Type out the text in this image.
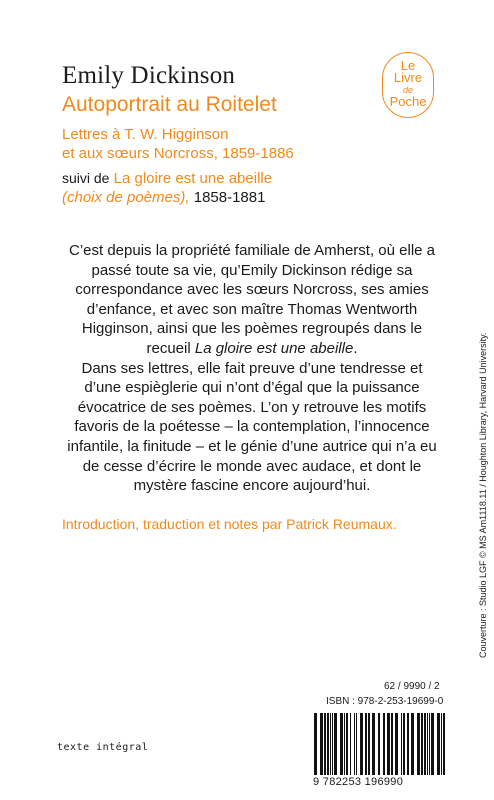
Emily Dickinson
Autoportrait au Roitelet
Lettres à T. W. Higginson
et aux sœurs Norcross, 1859-1886
suivi de La gloire est une abeille
(choix de poèmes), 1858-1881
Le
Livre
de
Poche

C’est depuis la propriété familiale de Amherst, où elle a passé toute sa vie, qu’Emily Dickinson rédige sa correspondance avec les sœurs Norcross, ses amies d’enfance, et avec son maître Thomas Wentworth Higginson, ainsi que les poèmes regroupés dans le recueil La gloire est une abeille.

Dans ses lettres, elle fait preuve d’une tendresse et d’une espièglerie qui n’ont d’égal que la puissance évocatrice de ses poèmes. L’on y retrouve les motifs favoris de la poétesse – la contemplation, l’innocence infantile, la finitude – et le génie d’une autrice qui n’a eu de cesse d’écrire le monde avec audace, et dont le mystère fascine encore aujourd’hui.

Introduction, traduction et notes par Patrick Reumaux.
texte intégral
62 / 9990 / 2
ISBN : 978-2-253-19699-0
9 782253 196990
Couverture : Studio LGF © MS Am1118.11 / Houghton Library, Harvard University.
